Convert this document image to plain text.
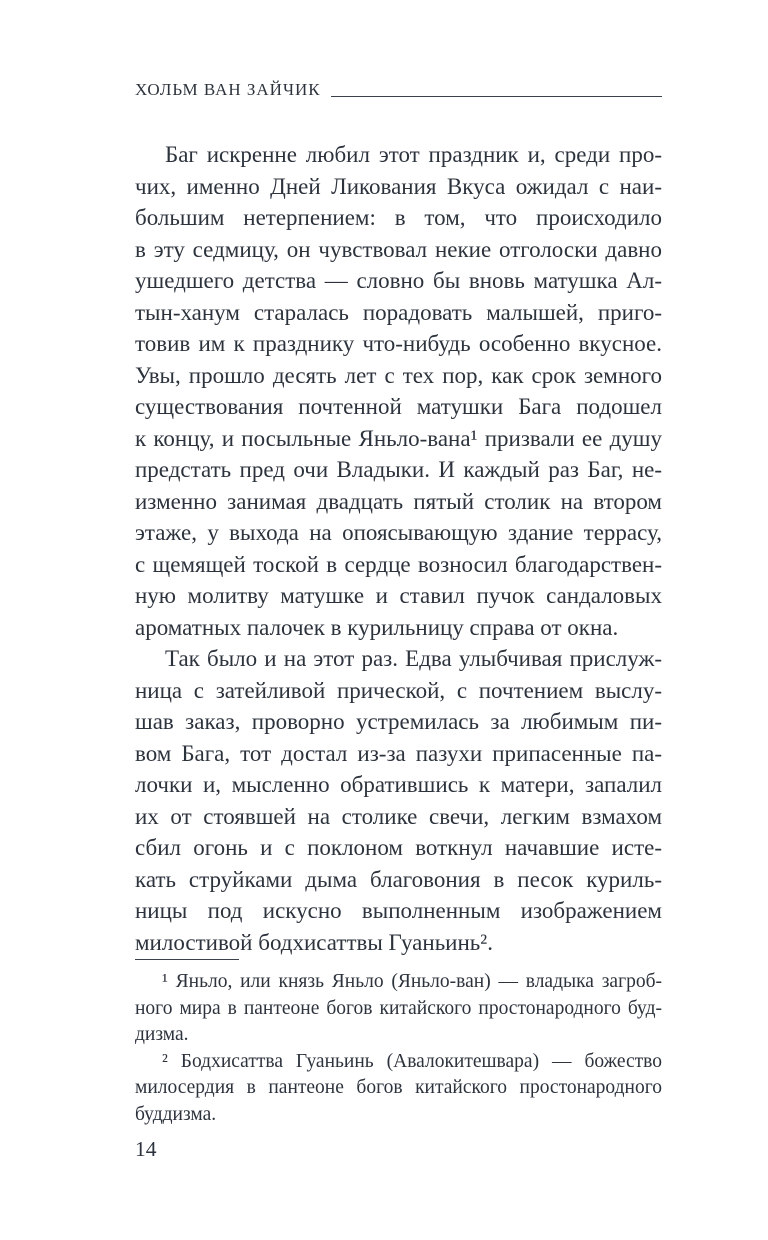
ХОЛЬМ ВАН ЗАЙЧИК
Баг искренне любил этот праздник и, среди про-
чих, именно Дней Ликования Вкуса ожидал с наи-
большим нетерпением: в том, что происходило
в эту седмицу, он чувствовал некие отголоски давно
ушедшего детства — словно бы вновь матушка Ал-
тын-ханум старалась порадовать малышей, приго-
товив им к празднику что-нибудь особенно вкусное.
Увы, прошло десять лет с тех пор, как срок земного
существования почтенной матушки Бага подошел
к концу, и посыльные Яньло-вана¹ призвали ее душу
предстать пред очи Владыки. И каждый раз Баг, не-
изменно занимая двадцать пятый столик на втором
этаже, у выхода на опоясывающую здание террасу,
с щемящей тоской в сердце возносил благодарствен-
ную молитву матушке и ставил пучок сандаловых
ароматных палочек в курильницу справа от окна.
Так было и на этот раз. Едва улыбчивая прислуж-
ница с затейливой прической, с почтением выслу-
шав заказ, проворно устремилась за любимым пи-
вом Бага, тот достал из-за пазухи припасенные па-
лочки и, мысленно обратившись к матери, запалил
их от стоявшей на столике свечи, легким взмахом
сбил огонь и с поклоном воткнул начавшие исте-
кать струйками дыма благовония в песок куриль-
ницы под искусно выполненным изображением
милостивой бодхисаттвы Гуаньинь².
¹ Яньло, или князь Яньло (Яньло-ван) — владыка загроб-
ного мира в пантеоне богов китайского простонародного буд-
дизма.
² Бодхисаттва Гуаньинь (Авалокитешвара) — божество
милосердия в пантеоне богов китайского простонародного
буддизма.
14
